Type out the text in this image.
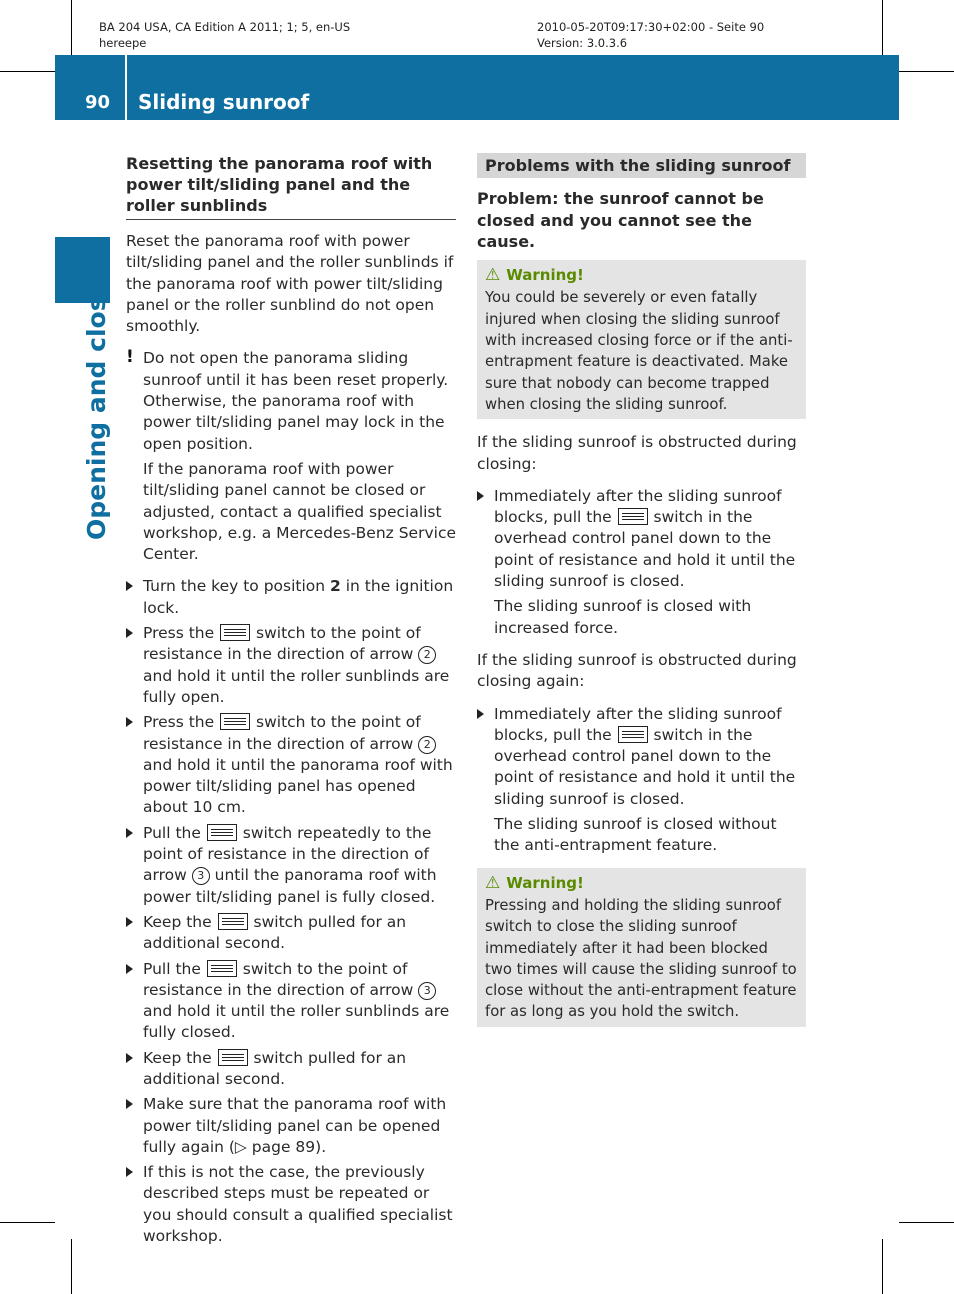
BA 204 USA, CA Edition A 2011; 1; 5, en-US
hereepe
2010-05-20T09:17:30+02:00 - Seite 90
Version: 3.0.3.6
90 Sliding sunroof
Opening and closing
Resetting the panorama roof with power tilt/sliding panel and the roller sunblinds

Reset the panorama roof with power tilt/sliding panel and the roller sunblinds if the panorama roof with power tilt/sliding panel or the roller sunblind do not open smoothly.

! Do not open the panorama sliding sunroof until it has been reset properly. Otherwise, the panorama roof with power tilt/sliding panel may lock in the open position.

If the panorama roof with power tilt/sliding panel cannot be closed or adjusted, contact a qualified specialist workshop, e.g. a Mercedes-Benz Service Center.

Turn the key to position 2 in the ignition lock.
Press the  switch to the point of resistance in the direction of arrow 2 and hold it until the roller sunblinds are fully open.
Press the  switch to the point of resistance in the direction of arrow 2 and hold it until the panorama roof with power tilt/sliding panel has opened about 10 cm.
Pull the  switch repeatedly to the point of resistance in the direction of arrow 3 until the panorama roof with power tilt/sliding panel is fully closed.
Keep the  switch pulled for an additional second.
Pull the  switch to the point of resistance in the direction of arrow 3 and hold it until the roller sunblinds are fully closed.
Keep the  switch pulled for an additional second.
Make sure that the panorama roof with power tilt/sliding panel can be opened fully again (▷ page 89).
If this is not the case, the previously described steps must be repeated or you should consult a qualified specialist workshop.
Problems with the sliding sunroof
Problem: the sunroof cannot be closed and you cannot see the cause.
⚠ Warning!

You could be severely or even fatally injured when closing the sliding sunroof with increased closing force or if the anti-entrapment feature is deactivated. Make sure that nobody can become trapped when closing the sliding sunroof.

If the sliding sunroof is obstructed during closing:

Immediately after the sliding sunroof blocks, pull the  switch in the overhead control panel down to the point of resistance and hold it until the sliding sunroof is closed.

The sliding sunroof is closed with increased force.

If the sliding sunroof is obstructed during closing again:

Immediately after the sliding sunroof blocks, pull the  switch in the overhead control panel down to the point of resistance and hold it until the sliding sunroof is closed.

The sliding sunroof is closed without the anti-entrapment feature.

⚠ Warning!

Pressing and holding the sliding sunroof switch to close the sliding sunroof immediately after it had been blocked two times will cause the sliding sunroof to close without the anti-entrapment feature for as long as you hold the switch.
